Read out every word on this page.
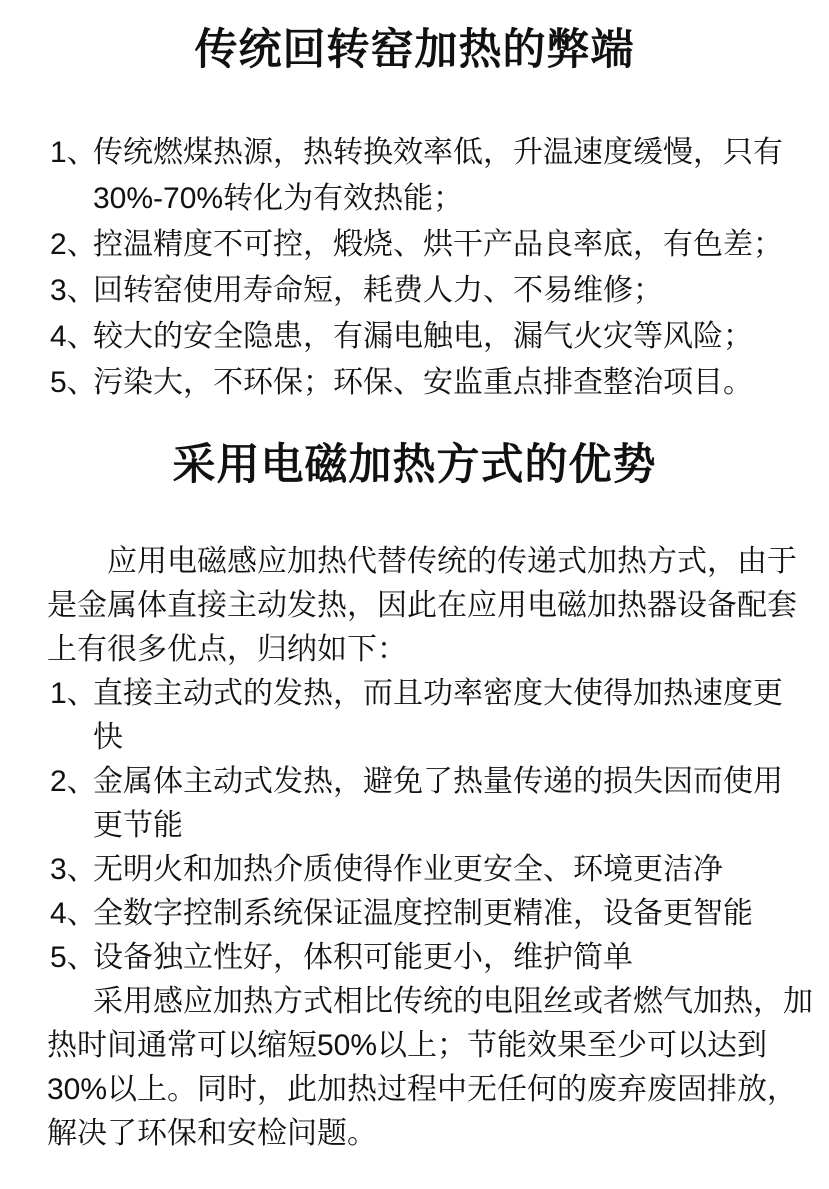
传统回转窑加热的弊端
1、
传统燃煤热源，热转换效率低，升温速度缓慢，只有
30%-70%转化为有效热能；
2、
控温精度不可控，煅烧、烘干产品良率底，有色差；
3、
回转窑使用寿命短，耗费人力、不易维修；
4、
较大的安全隐患，有漏电触电，漏气火灾等风险；
5、
污染大，不环保；环保、安监重点排查整治项目。
采用电磁加热方式的优势
应用电磁感应加热代替传统的传递式加热方式，由于
是金属体直接主动发热，因此在应用电磁加热器设备配套
上有很多优点，归纳如下：
1、
直接主动式的发热，而且功率密度大使得加热速度更
快
2、
金属体主动式发热，避免了热量传递的损失因而使用
更节能
3、
无明火和加热介质使得作业更安全、环境更洁净
4、
全数字控制系统保证温度控制更精准，设备更智能
5、
设备独立性好，体积可能更小，维护简单
采用感应加热方式相比传统的电阻丝或者燃气加热，加
热时间通常可以缩短50%以上；节能效果至少可以达到
30%以上。同时，此加热过程中无任何的废弃废固排放，
解决了环保和安检问题。
